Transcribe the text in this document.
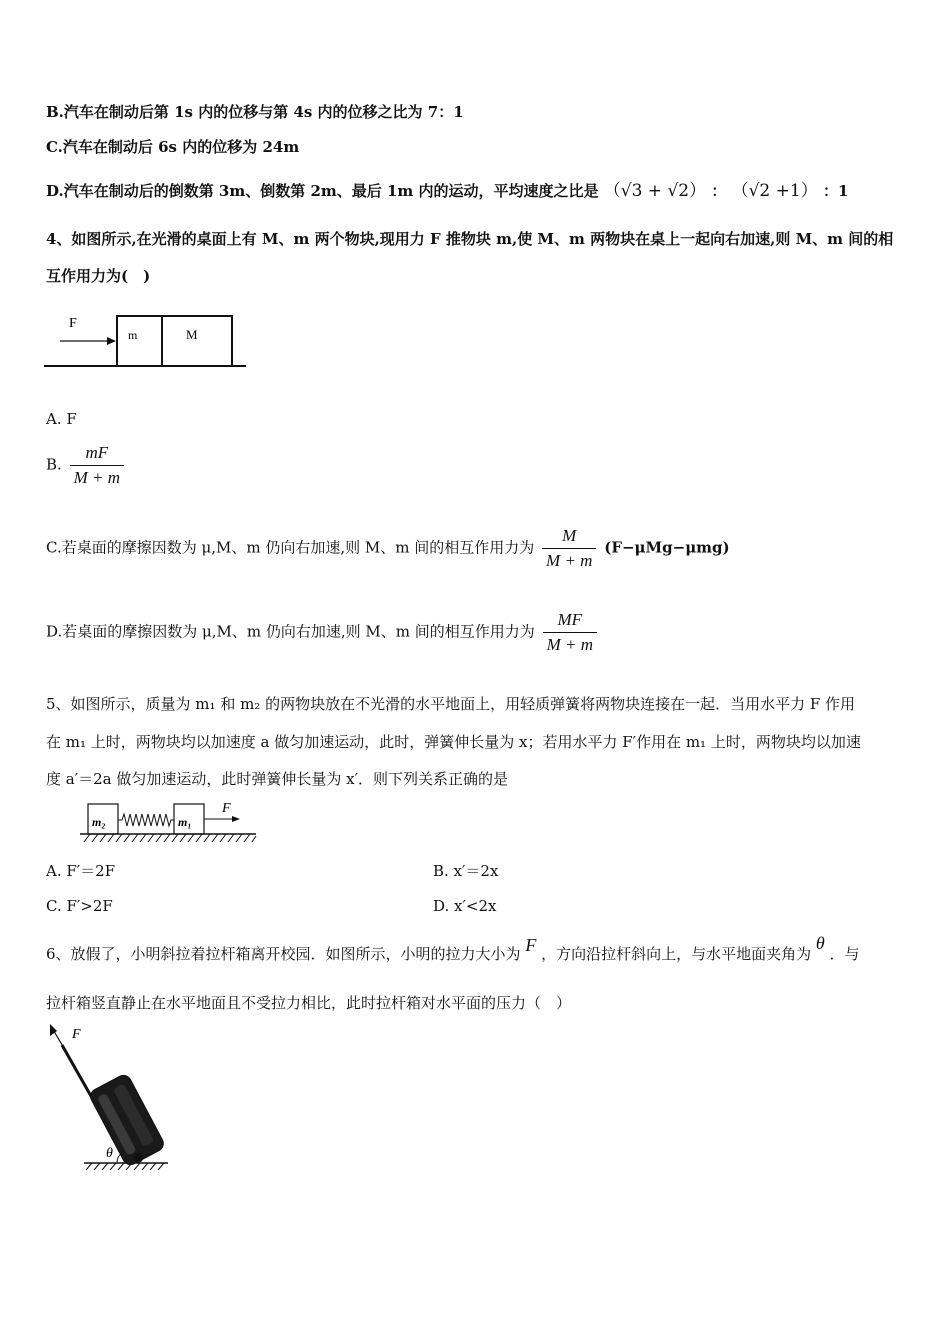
B.汽车在制动后第 1s 内的位移与第 4s 内的位移之比为 7：1
C.汽车在制动后 6s 内的位移为 24m
D.汽车在制动后的倒数第 3m、倒数第 2m、最后 1m 内的运动，平均速度之比是 （√3 + √2） ： （√2 +1） ：1
4、如图所示,在光滑的桌面上有 M、m 两个物块,现用力 F 推物块 m,使 M、m 两物块在桌上一起向右加速,则 M、m 间的相
互作用力为(　)
F
m	M
A. F
B. $\frac{mF}{M + m}$
C.若桌面的摩擦因数为 μ,M、m 仍向右加速,则 M、m 间的相互作用力为 $\frac{M}{M + m} (F-\mu Mg-\mu mg)$
D.若桌面的摩擦因数为 μ,M、m 仍向右加速,则 M、m 间的相互作用力为 $\frac{MF}{M + m}$
5、如图所示，质量为 m₁ 和 m₂ 的两物块放在不光滑的水平地面上，用轻质弹簧将两物块连接在一起．当用水平力 F 作用
在 m₁ 上时，两物块均以加速度 a 做匀加速运动，此时，弹簧伸长量为 x；若用水平力 F′作用在 m₁ 上时，两物块均以加速
度 a′＝2a 做匀加速运动，此时弹簧伸长量为 x′．则下列关系正确的是
m₂	m₁
F
A. F′＝2F	B. x′＝2x
C. F′>2F	D. x′<2x
6、放假了，小明斜拉着拉杆箱离开校园．如图所示，小明的拉力大小为 F ，方向沿拉杆斜向上，与水平地面夹角为 θ ．与
拉杆箱竖直静止在水平地面且不受拉力相比，此时拉杆箱对水平面的压力（　）
θ
F
